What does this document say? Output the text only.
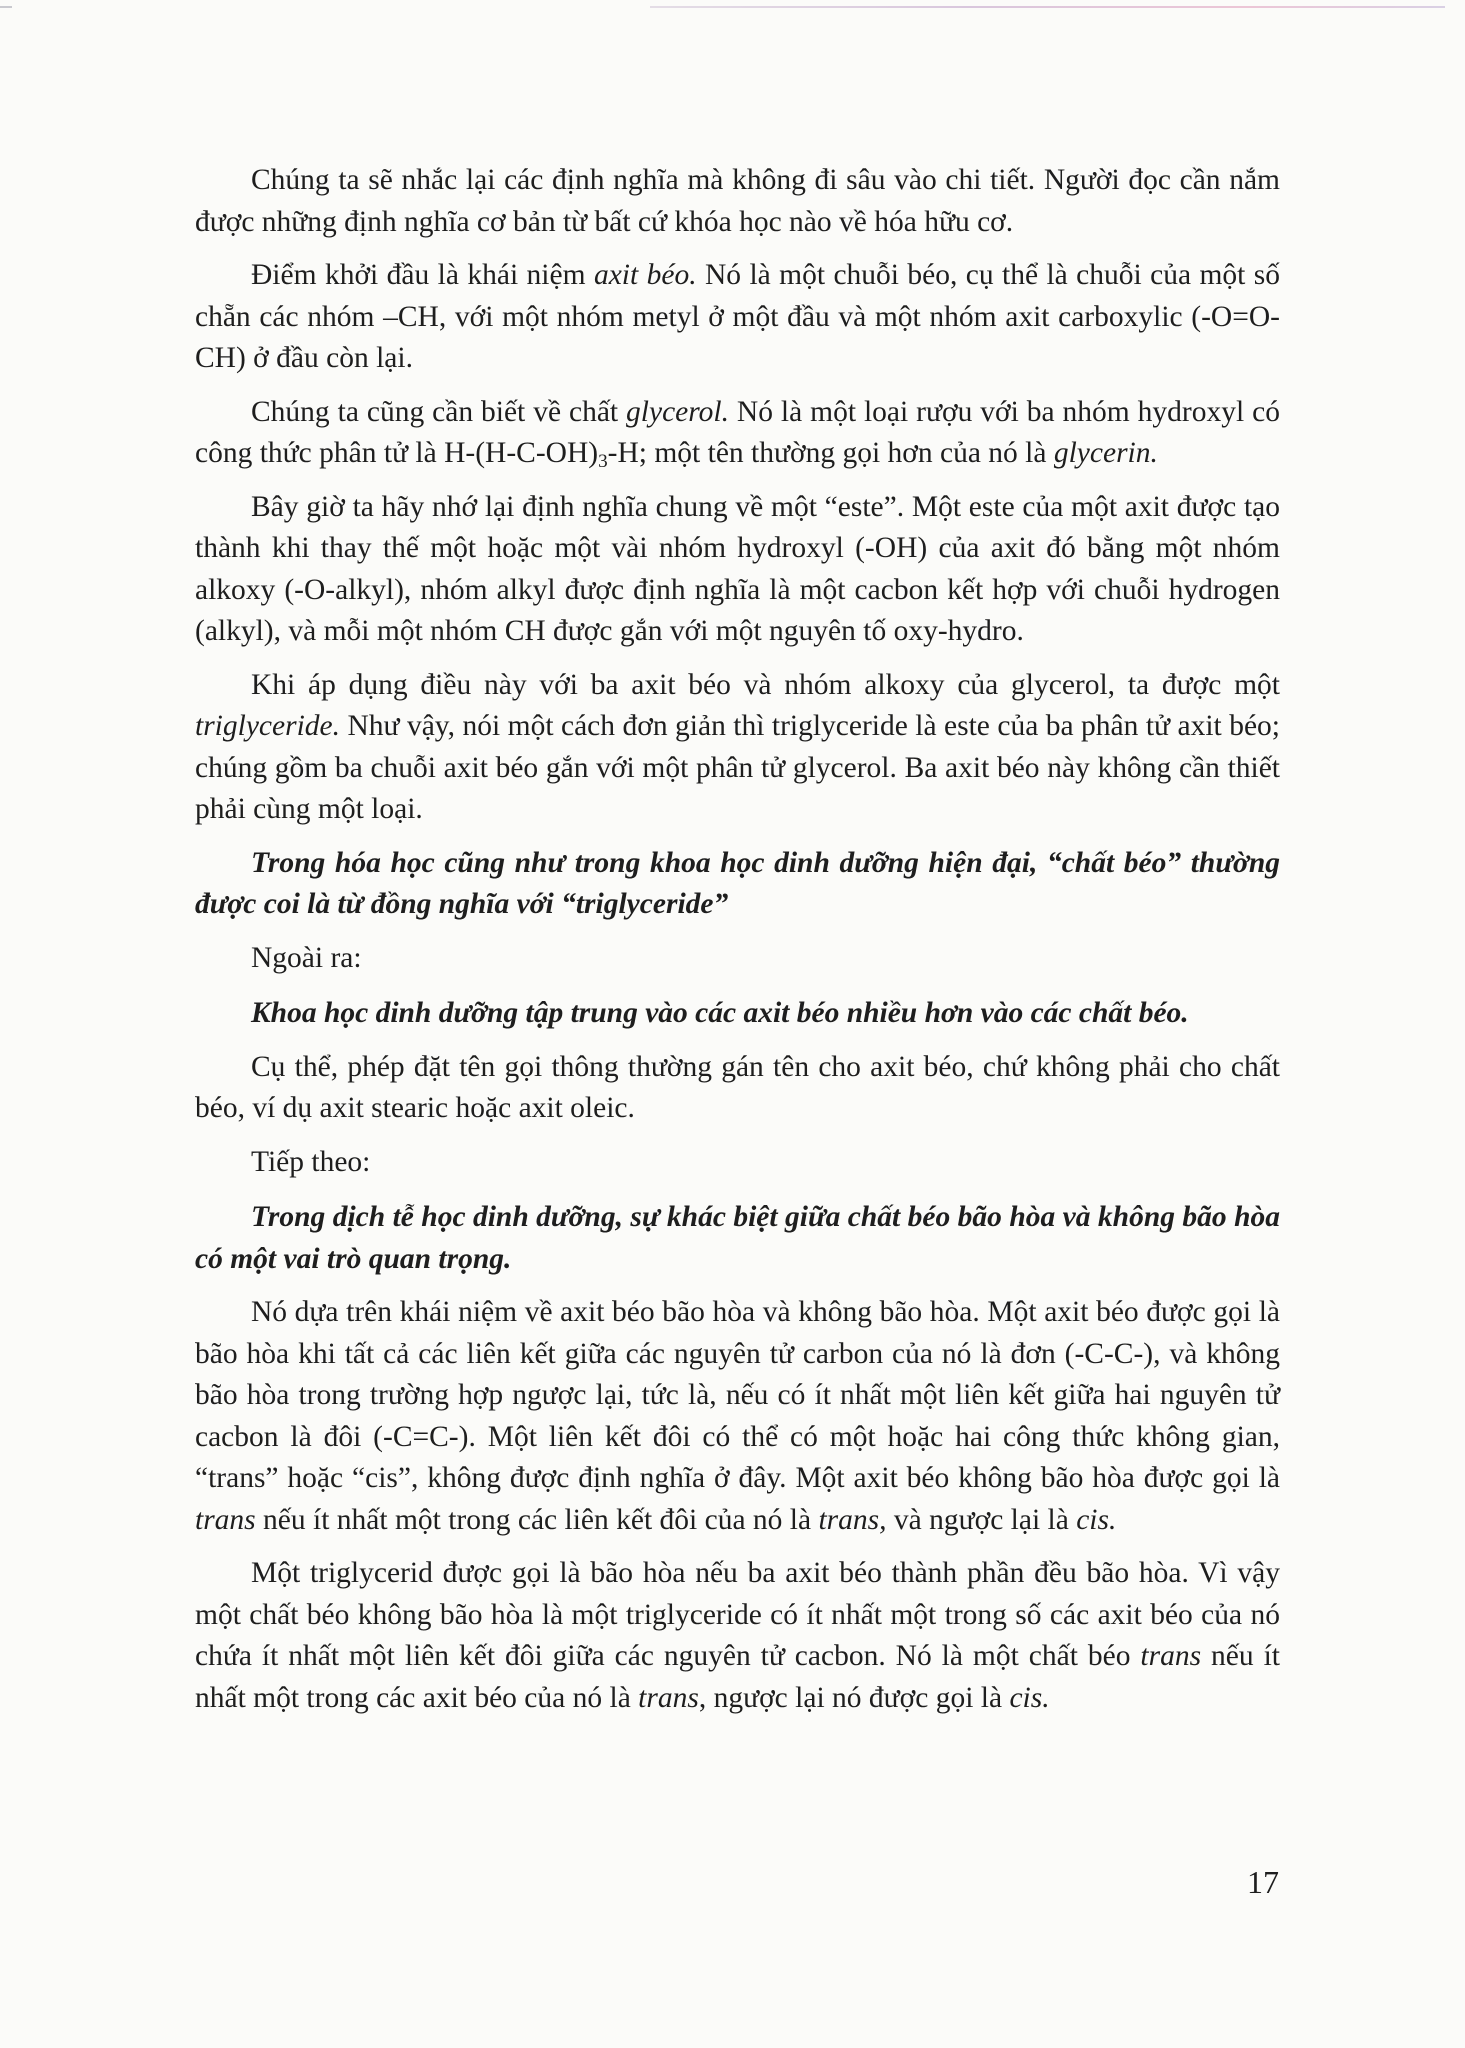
Chúng ta sẽ nhắc lại các định nghĩa mà không đi sâu vào chi tiết. Người đọc cần nắm được những định nghĩa cơ bản từ bất cứ khóa học nào về hóa hữu cơ.

Điểm khởi đầu là khái niệm axit béo. Nó là một chuỗi béo, cụ thể là chuỗi của một số chẵn các nhóm –CH, với một nhóm metyl ở một đầu và một nhóm axit carboxylic (-O=O-CH) ở đầu còn lại.

Chúng ta cũng cần biết về chất glycerol. Nó là một loại rượu với ba nhóm hydroxyl có công thức phân tử là $H-(H-C-OH)_3-H$; một tên thường gọi hơn của nó là glycerin.

Bây giờ ta hãy nhớ lại định nghĩa chung về một “este”. Một este của một axit được tạo thành khi thay thế một hoặc một vài nhóm hydroxyl (-OH) của axit đó bằng một nhóm alkoxy (-O-alkyl), nhóm alkyl được định nghĩa là một cacbon kết hợp với chuỗi hydrogen (alkyl), và mỗi một nhóm CH được gắn với một nguyên tố oxy-hydro.

Khi áp dụng điều này với ba axit béo và nhóm alkoxy của glycerol, ta được một triglyceride. Như vậy, nói một cách đơn giản thì triglyceride là este của ba phân tử axit béo; chúng gồm ba chuỗi axit béo gắn với một phân tử glycerol. Ba axit béo này không cần thiết phải cùng một loại.

Trong hóa học cũng như trong khoa học dinh dưỡng hiện đại, “chất béo” thường được coi là từ đồng nghĩa với “triglyceride”

Ngoài ra:

Khoa học dinh dưỡng tập trung vào các axit béo nhiều hơn vào các chất béo.

Cụ thể, phép đặt tên gọi thông thường gán tên cho axit béo, chứ không phải cho chất béo, ví dụ axit stearic hoặc axit oleic.

Tiếp theo:

Trong dịch tễ học dinh dưỡng, sự khác biệt giữa chất béo bão hòa và không bão hòa có một vai trò quan trọng.

Nó dựa trên khái niệm về axit béo bão hòa và không bão hòa. Một axit béo được gọi là bão hòa khi tất cả các liên kết giữa các nguyên tử carbon của nó là đơn (-C-C-), và không bão hòa trong trường hợp ngược lại, tức là, nếu có ít nhất một liên kết giữa hai nguyên tử cacbon là đôi (-C=C-). Một liên kết đôi có thể có một hoặc hai công thức không gian, “trans” hoặc “cis”, không được định nghĩa ở đây. Một axit béo không bão hòa được gọi là trans nếu ít nhất một trong các liên kết đôi của nó là trans, và ngược lại là cis.

Một triglycerid được gọi là bão hòa nếu ba axit béo thành phần đều bão hòa. Vì vậy một chất béo không bão hòa là một triglyceride có ít nhất một trong số các axit béo của nó chứa ít nhất một liên kết đôi giữa các nguyên tử cacbon. Nó là một chất béo trans nếu ít nhất một trong các axit béo của nó là trans, ngược lại nó được gọi là cis.

17
